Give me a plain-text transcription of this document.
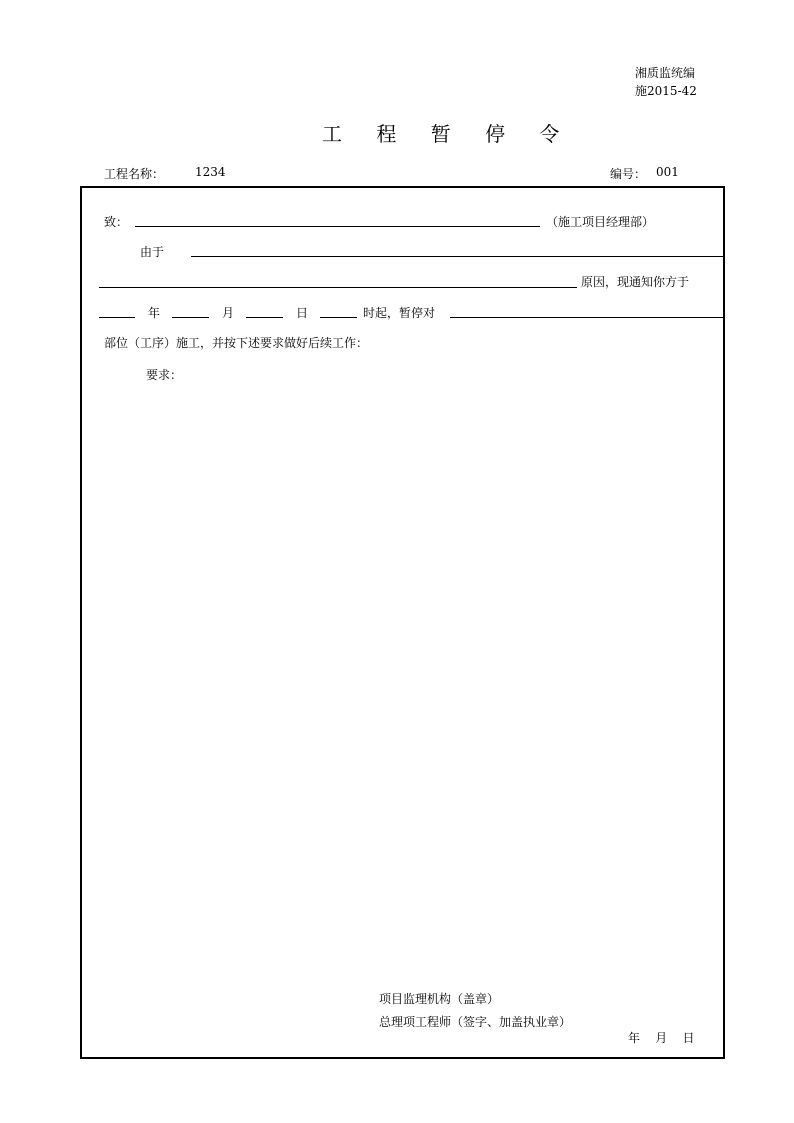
湘质监统编
施2015-42
工 程 暂 停 令
工程名称：	1234	编号： 001
致：	（施工项目经理部）
由于
原因，现通知你方于
年	月	日	时起，暂停对
部位（工序）施工，并按下述要求做好后续工作：
要求：
项目监理机构（盖章）
总理项工程师（签字、加盖执业章）
年    月    日
